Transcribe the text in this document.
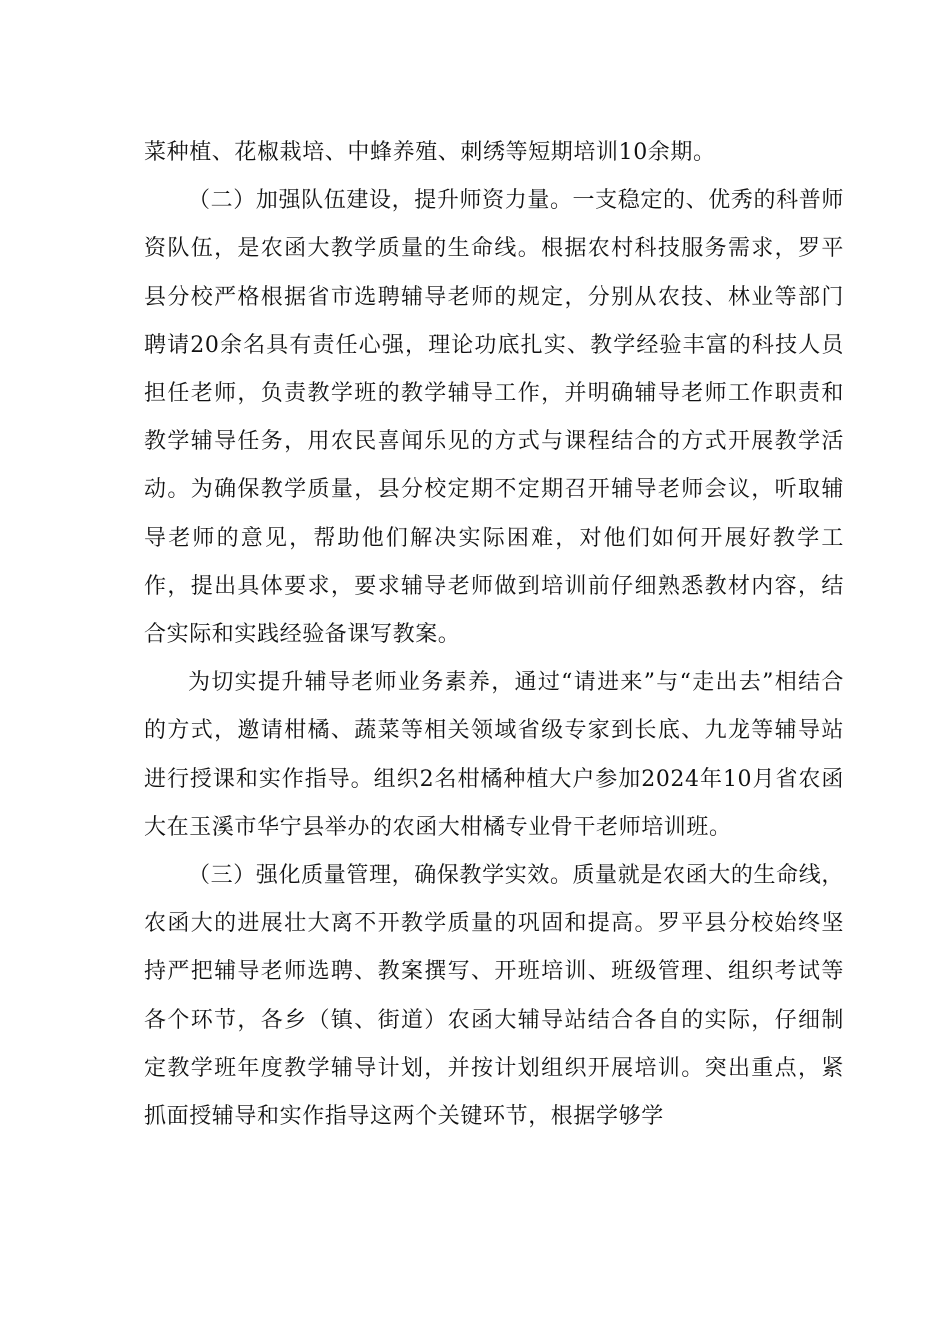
菜种植、花椒栽培、中蜂养殖、刺绣等短期培训10余期。

（二）加强队伍建设，提升师资力量。一支稳定的、优秀的科普师资队伍，是农函大教学质量的生命线。根据农村科技服务需求，罗平县分校严格根据省市选聘辅导老师的规定，分别从农技、林业等部门聘请20余名具有责任心强，理论功底扎实、教学经验丰富的科技人员担任老师，负责教学班的教学辅导工作，并明确辅导老师工作职责和教学辅导任务，用农民喜闻乐见的方式与课程结合的方式开展教学活动。为确保教学质量，县分校定期不定期召开辅导老师会议，听取辅导老师的意见，帮助他们解决实际困难，对他们如何开展好教学工作，提出具体要求，要求辅导老师做到培训前仔细熟悉教材内容，结合实际和实践经验备课写教案。

为切实提升辅导老师业务素养，通过“请进来”与“走出去”相结合的方式，邀请柑橘、蔬菜等相关领域省级专家到长底、九龙等辅导站进行授课和实作指导。组织2名柑橘种植大户参加2024年10月省农函大在玉溪市华宁县举办的农函大柑橘专业骨干老师培训班。

（三）强化质量管理，确保教学实效。质量就是农函大的生命线，农函大的进展壮大离不开教学质量的巩固和提高。罗平县分校始终坚持严把辅导老师选聘、教案撰写、开班培训、班级管理、组织考试等各个环节，各乡（镇、街道）农函大辅导站结合各自的实际，仔细制定教学班年度教学辅导计划，并按计划组织开展培训。突出重点，紧抓面授辅导和实作指导这两个关键环节，根据学够学
